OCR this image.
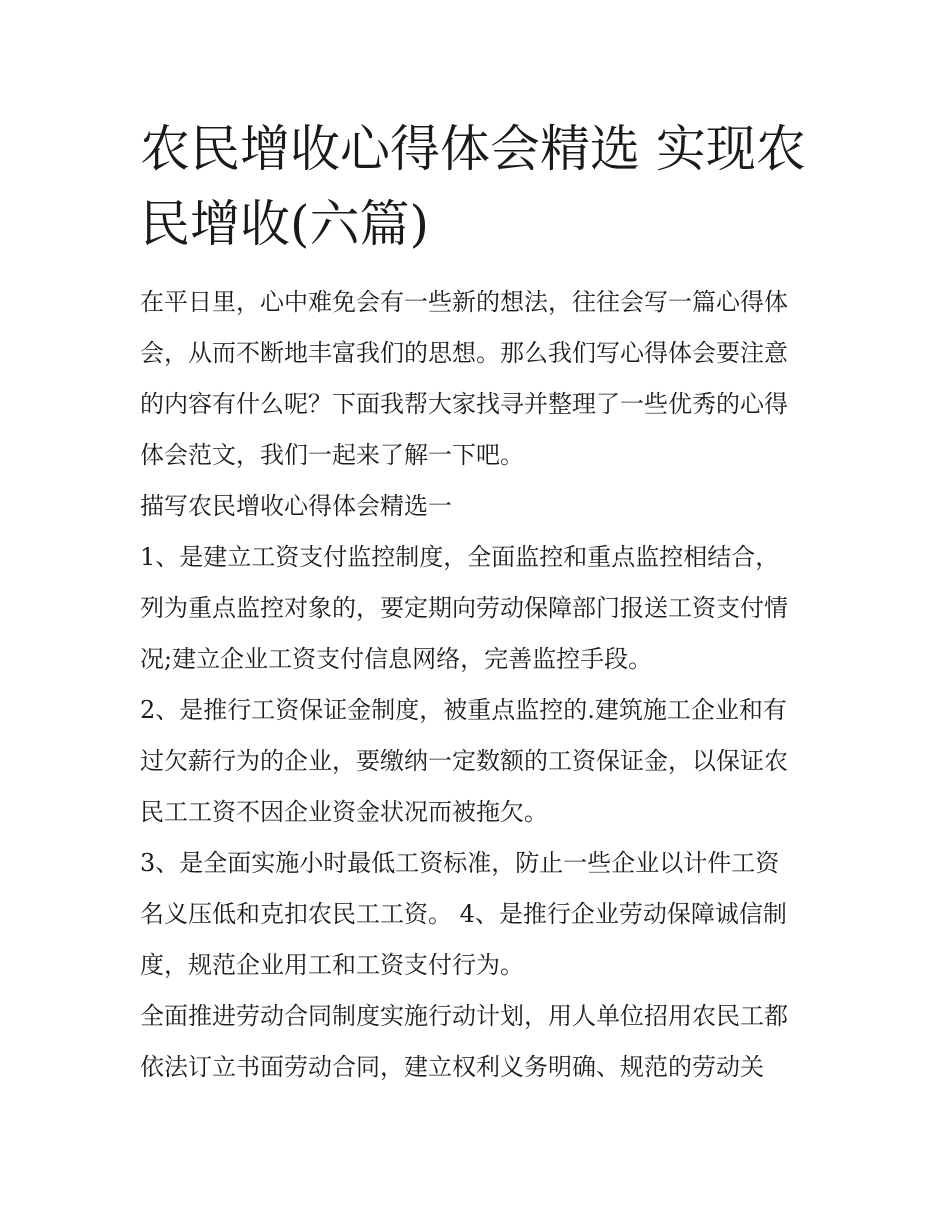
农民增收心得体会精选 实现农
民增收(六篇)

在平日里，心中难免会有一些新的想法，往往会写一篇心得体
会，从而不断地丰富我们的思想。那么我们写心得体会要注意
的内容有什么呢？下面我帮大家找寻并整理了一些优秀的心得
体会范文，我们一起来了解一下吧。

描写农民增收心得体会精选一

1、是建立工资支付监控制度，全面监控和重点监控相结合，
列为重点监控对象的，要定期向劳动保障部门报送工资支付情
况;建立企业工资支付信息网络，完善监控手段。

2、是推行工资保证金制度，被重点监控的.建筑施工企业和有
过欠薪行为的企业，要缴纳一定数额的工资保证金，以保证农
民工工资不因企业资金状况而被拖欠。

3、是全面实施小时最低工资标准，防止一些企业以计件工资
名义压低和克扣农民工工资。 4、是推行企业劳动保障诚信制
度，规范企业用工和工资支付行为。

全面推进劳动合同制度实施行动计划，用人单位招用农民工都
依法订立书面劳动合同，建立权利义务明确、规范的劳动关
